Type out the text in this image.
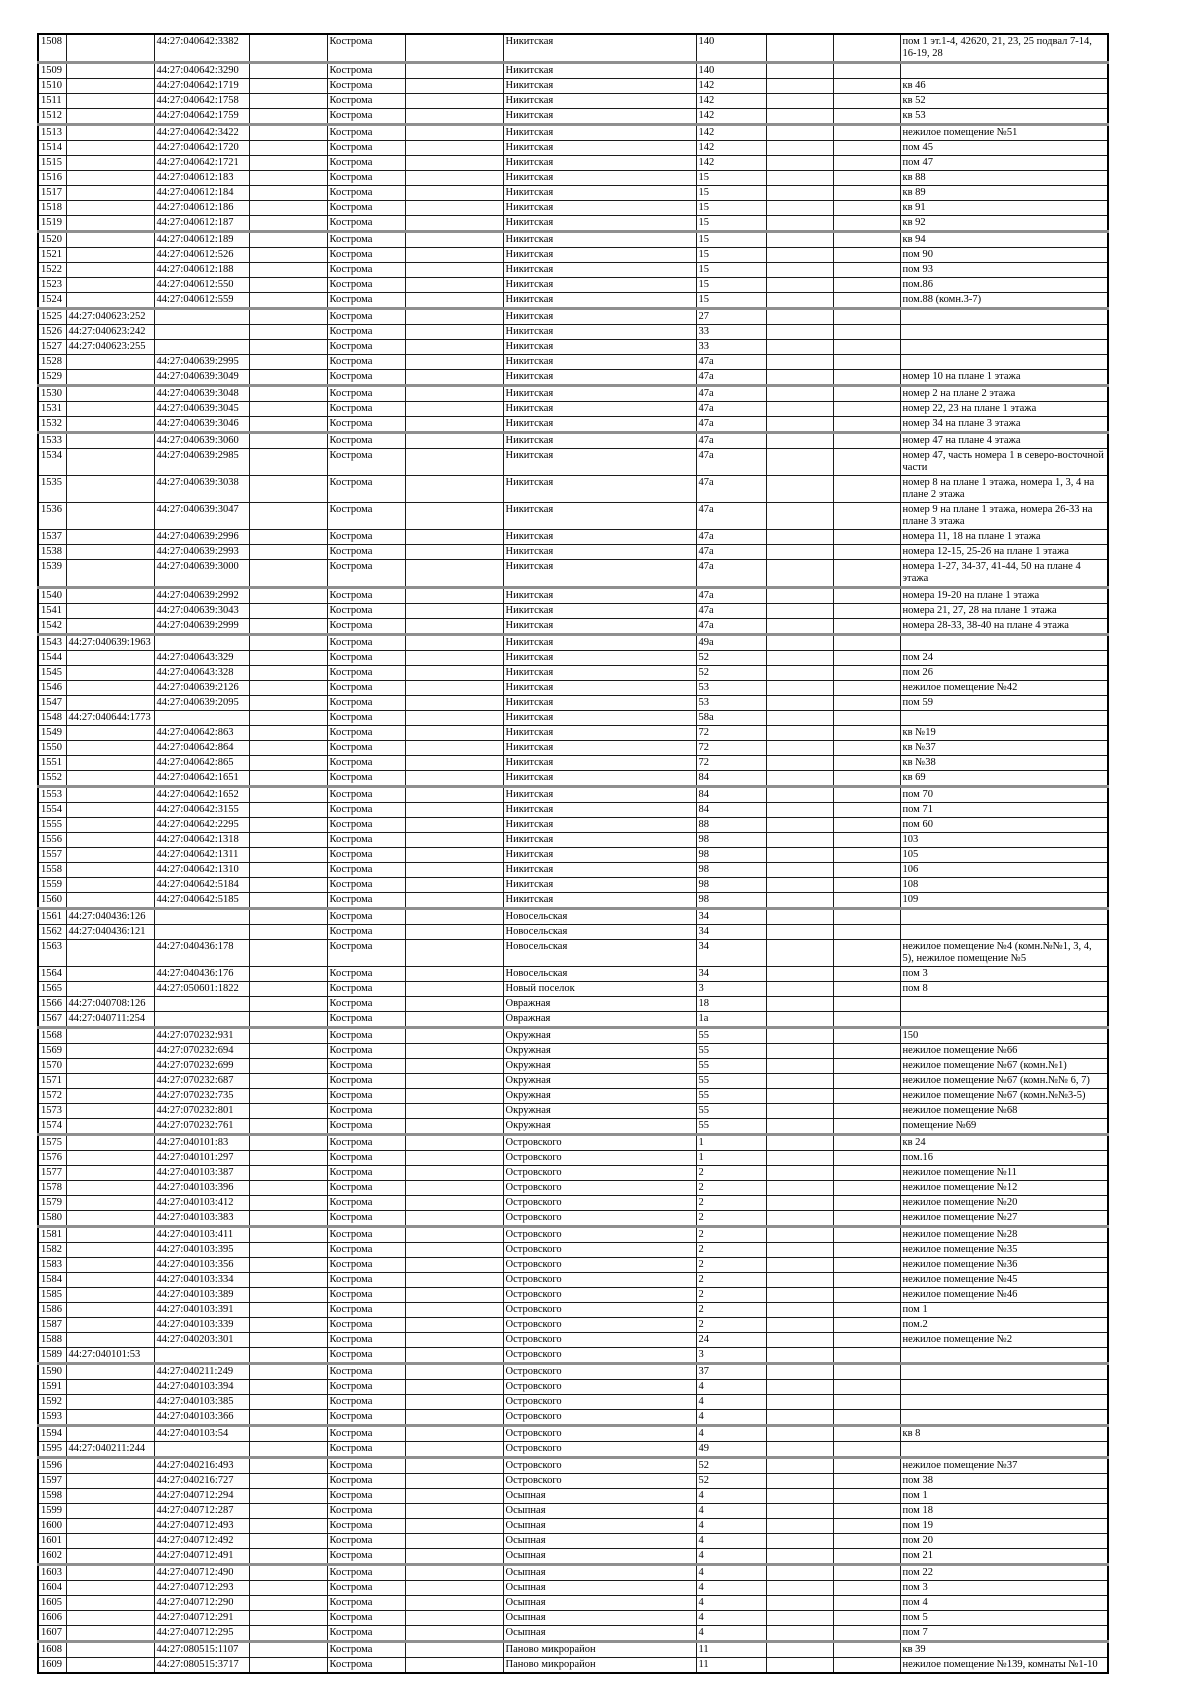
1508		44:27:040642:3382		Кострома		Никитская	140			пом 1 эт.1-4, 42620, 21, 23, 25 подвал 7-14, 16-19, 28
1509		44:27:040642:3290		Кострома		Никитская	140			
1510		44:27:040642:1719		Кострома		Никитская	142			кв 46
1511		44:27:040642:1758		Кострома		Никитская	142			кв 52
1512		44:27:040642:1759		Кострома		Никитская	142			кв 53
1513		44:27:040642:3422		Кострома		Никитская	142			нежилое помещение №51
1514		44:27:040642:1720		Кострома		Никитская	142			пом 45
1515		44:27:040642:1721		Кострома		Никитская	142			пом 47
1516		44:27:040612:183		Кострома		Никитская	15			кв 88
1517		44:27:040612:184		Кострома		Никитская	15			кв 89
1518		44:27:040612:186		Кострома		Никитская	15			кв 91
1519		44:27:040612:187		Кострома		Никитская	15			кв 92
1520		44:27:040612:189		Кострома		Никитская	15			кв 94
1521		44:27:040612:526		Кострома		Никитская	15			пом 90
1522		44:27:040612:188		Кострома		Никитская	15			пом 93
1523		44:27:040612:550		Кострома		Никитская	15			пом.86
1524		44:27:040612:559		Кострома		Никитская	15			пом.88 (комн.3-7)
1525	44:27:040623:252			Кострома		Никитская	27			
1526	44:27:040623:242			Кострома		Никитская	33			
1527	44:27:040623:255			Кострома		Никитская	33			
1528		44:27:040639:2995		Кострома		Никитская	47а			
1529		44:27:040639:3049		Кострома		Никитская	47а			номер 10 на плане 1 этажа
1530		44:27:040639:3048		Кострома		Никитская	47а			номер 2 на плане 2 этажа
1531		44:27:040639:3045		Кострома		Никитская	47а			номер 22, 23 на плане 1 этажа
1532		44:27:040639:3046		Кострома		Никитская	47а			номер 34 на плане 3 этажа
1533		44:27:040639:3060		Кострома		Никитская	47а			номер 47 на плане 4 этажа
1534		44:27:040639:2985		Кострома		Никитская	47а			номер 47, часть номера 1 в северо-восточной части
1535		44:27:040639:3038		Кострома		Никитская	47а			номер 8 на плане 1 этажа, номера 1, 3, 4 на плане 2 этажа
1536		44:27:040639:3047		Кострома		Никитская	47а			номер 9 на плане 1 этажа, номера 26-33 на плане 3 этажа
1537		44:27:040639:2996		Кострома		Никитская	47а			номера 11, 18 на плане 1 этажа
1538		44:27:040639:2993		Кострома		Никитская	47а			номера 12-15, 25-26 на плане 1 этажа
1539		44:27:040639:3000		Кострома		Никитская	47а			номера 1-27, 34-37, 41-44, 50 на плане 4 этажа
1540		44:27:040639:2992		Кострома		Никитская	47а			номера 19-20 на плане 1 этажа
1541		44:27:040639:3043		Кострома		Никитская	47а			номера 21, 27, 28 на плане 1 этажа
1542		44:27:040639:2999		Кострома		Никитская	47а			номера 28-33, 38-40 на плане 4 этажа
1543	44:27:040639:1963			Кострома		Никитская	49а			
1544		44:27:040643:329		Кострома		Никитская	52			пом 24
1545		44:27:040643:328		Кострома		Никитская	52			пом 26
1546		44:27:040639:2126		Кострома		Никитская	53			нежилое помещение №42
1547		44:27:040639:2095		Кострома		Никитская	53			пом 59
1548	44:27:040644:1773			Кострома		Никитская	58а			
1549		44:27:040642:863		Кострома		Никитская	72			кв №19
1550		44:27:040642:864		Кострома		Никитская	72			кв №37
1551		44:27:040642:865		Кострома		Никитская	72			кв №38
1552		44:27:040642:1651		Кострома		Никитская	84			кв 69
1553		44:27:040642:1652		Кострома		Никитская	84			пом 70
1554		44:27:040642:3155		Кострома		Никитская	84			пом 71
1555		44:27:040642:2295		Кострома		Никитская	88			пом 60
1556		44:27:040642:1318		Кострома		Никитская	98			103
1557		44:27:040642:1311		Кострома		Никитская	98			105
1558		44:27:040642:1310		Кострома		Никитская	98			106
1559		44:27:040642:5184		Кострома		Никитская	98			108
1560		44:27:040642:5185		Кострома		Никитская	98			109
1561	44:27:040436:126			Кострома		Новосельская	34			
1562	44:27:040436:121			Кострома		Новосельская	34			
1563		44:27:040436:178		Кострома		Новосельская	34			нежилое помещение №4 (комн.№№1, 3, 4, 5), нежилое помещение №5
1564		44:27:040436:176		Кострома		Новосельская	34			пом 3
1565		44:27:050601:1822		Кострома		Новый поселок	3			пом 8
1566	44:27:040708:126			Кострома		Овражная	18			
1567	44:27:040711:254			Кострома		Овражная	1а			
1568		44:27:070232:931		Кострома		Окружная	55			150
1569		44:27:070232:694		Кострома		Окружная	55			нежилое помещение №66
1570		44:27:070232:699		Кострома		Окружная	55			нежилое помещение №67 (комн.№1)
1571		44:27:070232:687		Кострома		Окружная	55			нежилое помещение №67 (комн.№№ 6, 7)
1572		44:27:070232:735		Кострома		Окружная	55			нежилое помещение №67 (комн.№№3-5)
1573		44:27:070232:801		Кострома		Окружная	55			нежилое помещение №68
1574		44:27:070232:761		Кострома		Окружная	55			помещение №69
1575		44:27:040101:83		Кострома		Островского	1			кв 24
1576		44:27:040101:297		Кострома		Островского	1			пом.16
1577		44:27:040103:387		Кострома		Островского	2			нежилое помещение №11
1578		44:27:040103:396		Кострома		Островского	2			нежилое помещение №12
1579		44:27:040103:412		Кострома		Островского	2			нежилое помещение №20
1580		44:27:040103:383		Кострома		Островского	2			нежилое помещение №27
1581		44:27:040103:411		Кострома		Островского	2			нежилое помещение №28
1582		44:27:040103:395		Кострома		Островского	2			нежилое помещение №35
1583		44:27:040103:356		Кострома		Островского	2			нежилое помещение №36
1584		44:27:040103:334		Кострома		Островского	2			нежилое помещение №45
1585		44:27:040103:389		Кострома		Островского	2			нежилое помещение №46
1586		44:27:040103:391		Кострома		Островского	2			пом 1
1587		44:27:040103:339		Кострома		Островского	2			пом.2
1588		44:27:040203:301		Кострома		Островского	24			нежилое помещение №2
1589	44:27:040101:53			Кострома		Островского	3			
1590		44:27:040211:249		Кострома		Островского	37			
1591		44:27:040103:394		Кострома		Островского	4			
1592		44:27:040103:385		Кострома		Островского	4			
1593		44:27:040103:366		Кострома		Островского	4			
1594		44:27:040103:54		Кострома		Островского	4			кв 8
1595	44:27:040211:244			Кострома		Островского	49			
1596		44:27:040216:493		Кострома		Островского	52			нежилое помещение №37
1597		44:27:040216:727		Кострома		Островского	52			пом 38
1598		44:27:040712:294		Кострома		Осыпная	4			пом 1
1599		44:27:040712:287		Кострома		Осыпная	4			пом 18
1600		44:27:040712:493		Кострома		Осыпная	4			пом 19
1601		44:27:040712:492		Кострома		Осыпная	4			пом 20
1602		44:27:040712:491		Кострома		Осыпная	4			пом 21
1603		44:27:040712:490		Кострома		Осыпная	4			пом 22
1604		44:27:040712:293		Кострома		Осыпная	4			пом 3
1605		44:27:040712:290		Кострома		Осыпная	4			пом 4
1606		44:27:040712:291		Кострома		Осыпная	4			пом 5
1607		44:27:040712:295		Кострома		Осыпная	4			пом 7
1608		44:27:080515:1107		Кострома		Паново микрорайон	11			кв 39
1609		44:27:080515:3717		Кострома		Паново микрорайон	11			нежилое помещение №139, комнаты №1-10
